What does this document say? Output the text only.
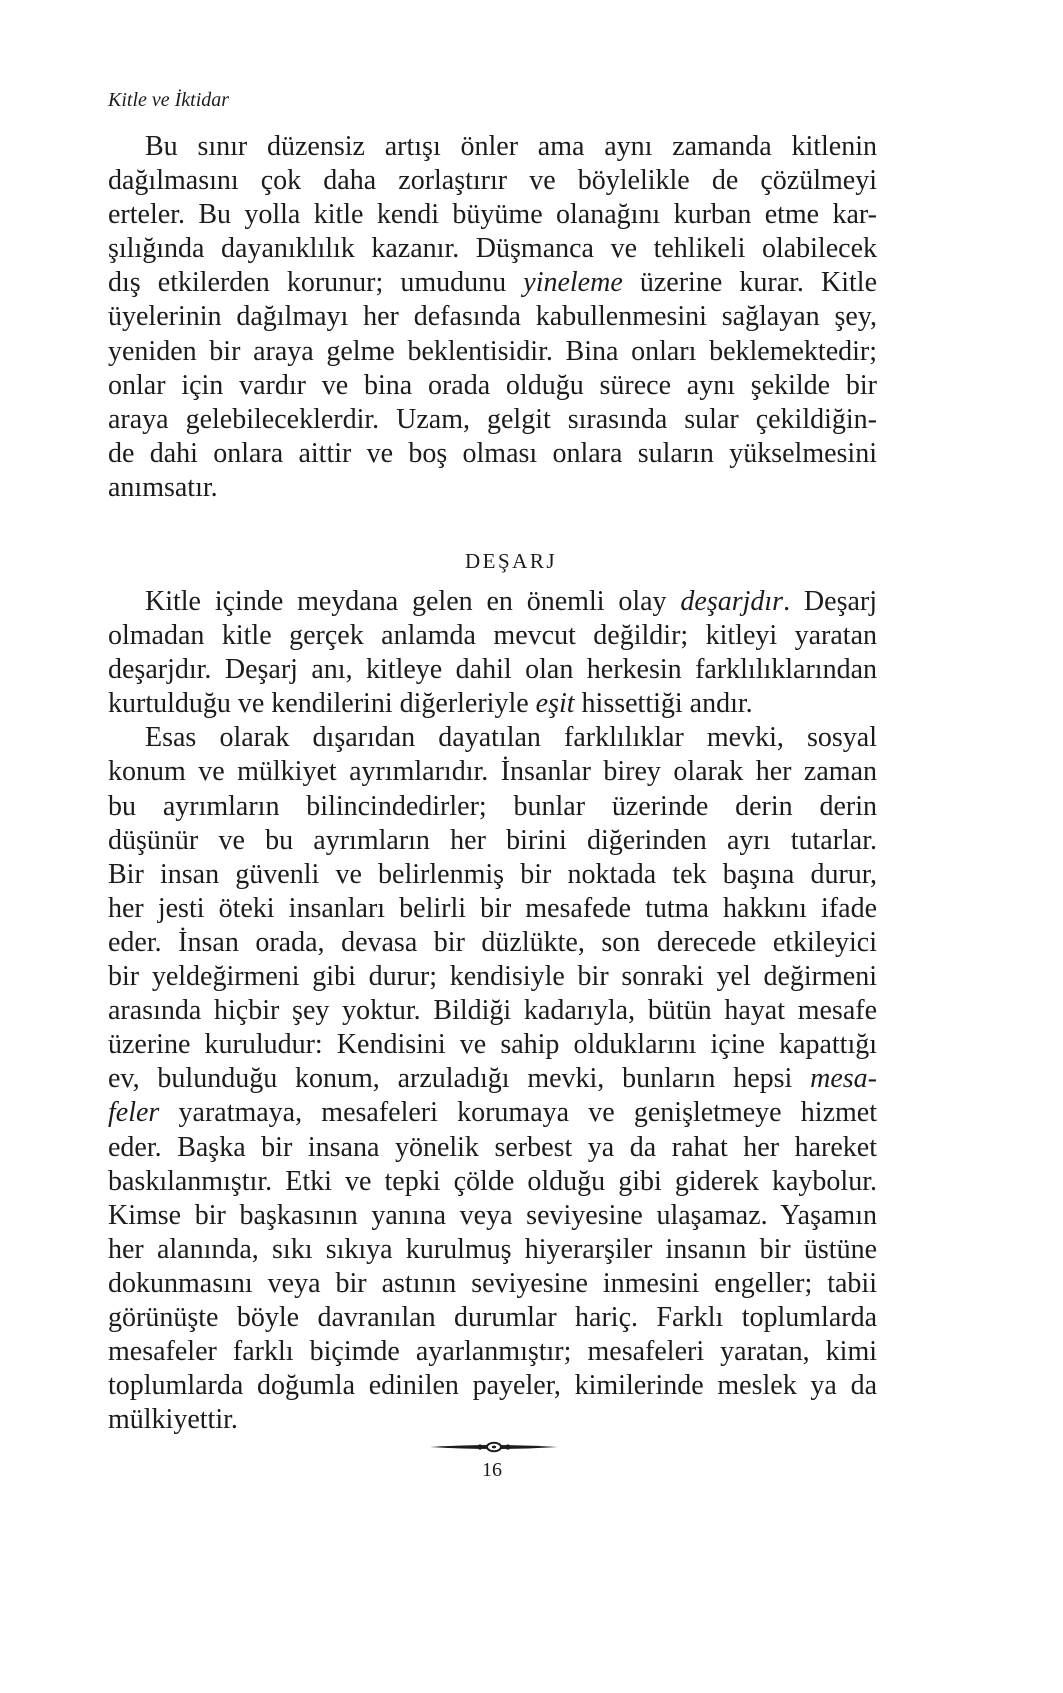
Kitle ve İktidar
Bu sınır düzensiz artışı önler ama aynı zamanda kitlenin
dağılmasını çok daha zorlaştırır ve böylelikle de çözülmeyi
erteler. Bu yolla kitle kendi büyüme olanağını kurban etme kar-
şılığında dayanıklılık kazanır. Düşmanca ve tehlikeli olabilecek
dış etkilerden korunur; umudunu yineleme üzerine kurar. Kitle
üyelerinin dağılmayı her defasında kabullenmesini sağlayan şey,
yeniden bir araya gelme beklentisidir. Bina onları beklemektedir;
onlar için vardır ve bina orada olduğu sürece aynı şekilde bir
araya gelebileceklerdir. Uzam, gelgit sırasında sular çekildiğin-
de dahi onlara aittir ve boş olması onlara suların yükselmesini
anımsatır.
DEŞARJ
Kitle içinde meydana gelen en önemli olay deşarjdır. Deşarj
olmadan kitle gerçek anlamda mevcut değildir; kitleyi yaratan
deşarjdır. Deşarj anı, kitleye dahil olan herkesin farklılıklarından
kurtulduğu ve kendilerini diğerleriyle eşit hissettiği andır.
Esas olarak dışarıdan dayatılan farklılıklar mevki, sosyal
konum ve mülkiyet ayrımlarıdır. İnsanlar birey olarak her zaman
bu ayrımların bilincindedirler; bunlar üzerinde derin derin
düşünür ve bu ayrımların her birini diğerinden ayrı tutarlar.
Bir insan güvenli ve belirlenmiş bir noktada tek başına durur,
her jesti öteki insanları belirli bir mesafede tutma hakkını ifade
eder. İnsan orada, devasa bir düzlükte, son derecede etkileyici
bir yeldeğirmeni gibi durur; kendisiyle bir sonraki yel değirmeni
arasında hiçbir şey yoktur. Bildiği kadarıyla, bütün hayat mesafe
üzerine kuruludur: Kendisini ve sahip olduklarını içine kapattığı
ev, bulunduğu konum, arzuladığı mevki, bunların hepsi mesa-
feler yaratmaya, mesafeleri korumaya ve genişletmeye hizmet
eder. Başka bir insana yönelik serbest ya da rahat her hareket
baskılanmıştır. Etki ve tepki çölde olduğu gibi giderek kaybolur.
Kimse bir başkasının yanına veya seviyesine ulaşamaz. Yaşamın
her alanında, sıkı sıkıya kurulmuş hiyerarşiler insanın bir üstüne
dokunmasını veya bir astının seviyesine inmesini engeller; tabii
görünüşte böyle davranılan durumlar hariç. Farklı toplumlarda
mesafeler farklı biçimde ayarlanmıştır; mesafeleri yaratan, kimi
toplumlarda doğumla edinilen payeler, kimilerinde meslek ya da
mülkiyettir.
16
